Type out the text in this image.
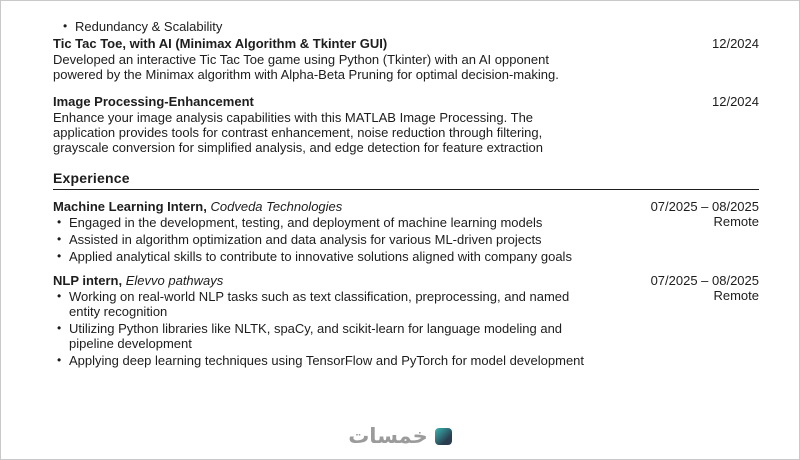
• Redundancy & Scalability
Tic Tac Toe, with AI (Minimax Algorithm & Tkinter GUI)	12/2024

Developed an interactive Tic Tac Toe game using Python (Tkinter) with an AI opponent powered by the Minimax algorithm with Alpha-Beta Pruning for optimal decision-making.

Image Processing-Enhancement	12/2024

Enhance your image analysis capabilities with this MATLAB Image Processing. The application provides tools for contrast enhancement, noise reduction through filtering, grayscale conversion for simplified analysis, and edge detection for feature extraction

Experience
07/2025 – 08/2025
Remote

Machine Learning Intern, Codveda Technologies

• Engaged in the development, testing, and deployment of machine learning models
• Assisted in algorithm optimization and data analysis for various ML-driven projects
• Applied analytical skills to contribute to innovative solutions aligned with company goals
07/2025 – 08/2025
Remote

NLP intern, Elevvo pathways

• Working on real-world NLP tasks such as text classification, preprocessing, and named entity recognition
• Utilizing Python libraries like NLTK, spaCy, and scikit-learn for language modeling and pipeline development
• Applying deep learning techniques using TensorFlow and PyTorch for model development
خمسات
